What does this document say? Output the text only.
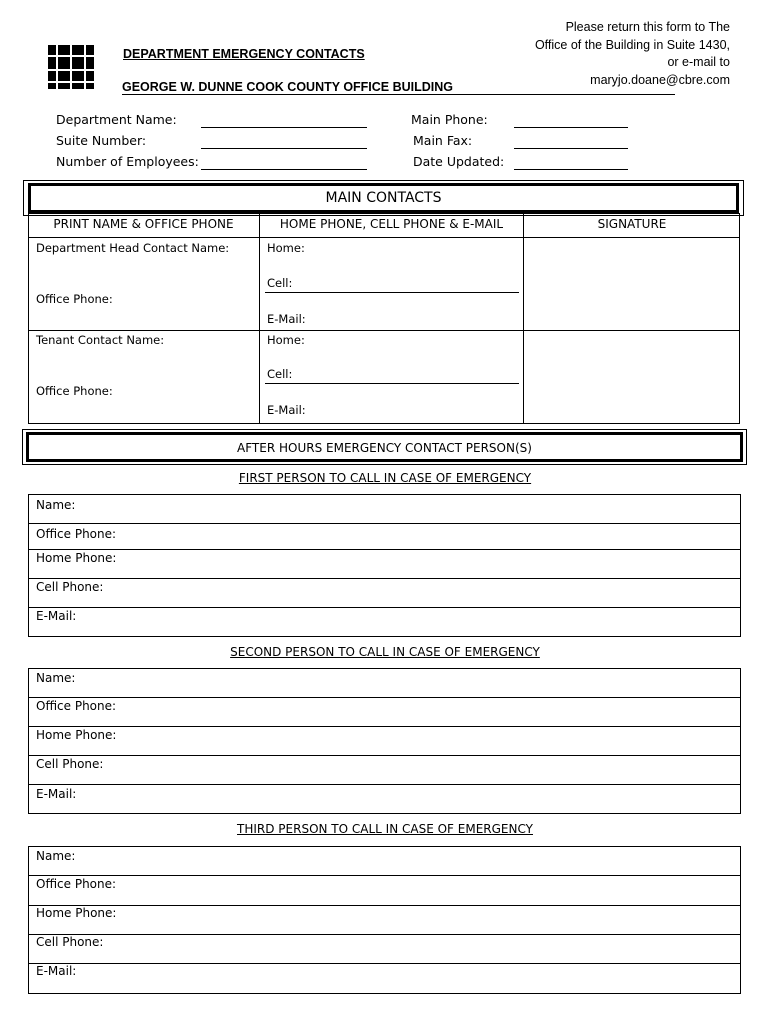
DEPARTMENT EMERGENCY CONTACTS
GEORGE W. DUNNE COOK COUNTY OFFICE BUILDING
Please return this form to The
Office of the Building in Suite 1430,
or e-mail to
maryjo.doane@cbre.com
Department Name:
Suite Number:
Number of Employees:
Main Phone:
Main Fax:
Date Updated:
MAIN CONTACTS
PRINT NAME & OFFICE PHONE	HOME PHONE, CELL PHONE & E-MAIL	SIGNATURE
Department Head Contact Name:
Office Phone:
Home:
Cell:
E-Mail:
Tenant Contact Name:
Office Phone:
Home:
Cell:
E-Mail:
AFTER HOURS EMERGENCY CONTACT PERSON(S)
FIRST PERSON TO CALL IN CASE OF EMERGENCY
Name:
Office Phone:
Home Phone:
Cell Phone:
E-Mail:
SECOND PERSON TO CALL IN CASE OF EMERGENCY
Name:
Office Phone:
Home Phone:
Cell Phone:
E-Mail:
THIRD PERSON TO CALL IN CASE OF EMERGENCY
Name:
Office Phone:
Home Phone:
Cell Phone:
E-Mail:
